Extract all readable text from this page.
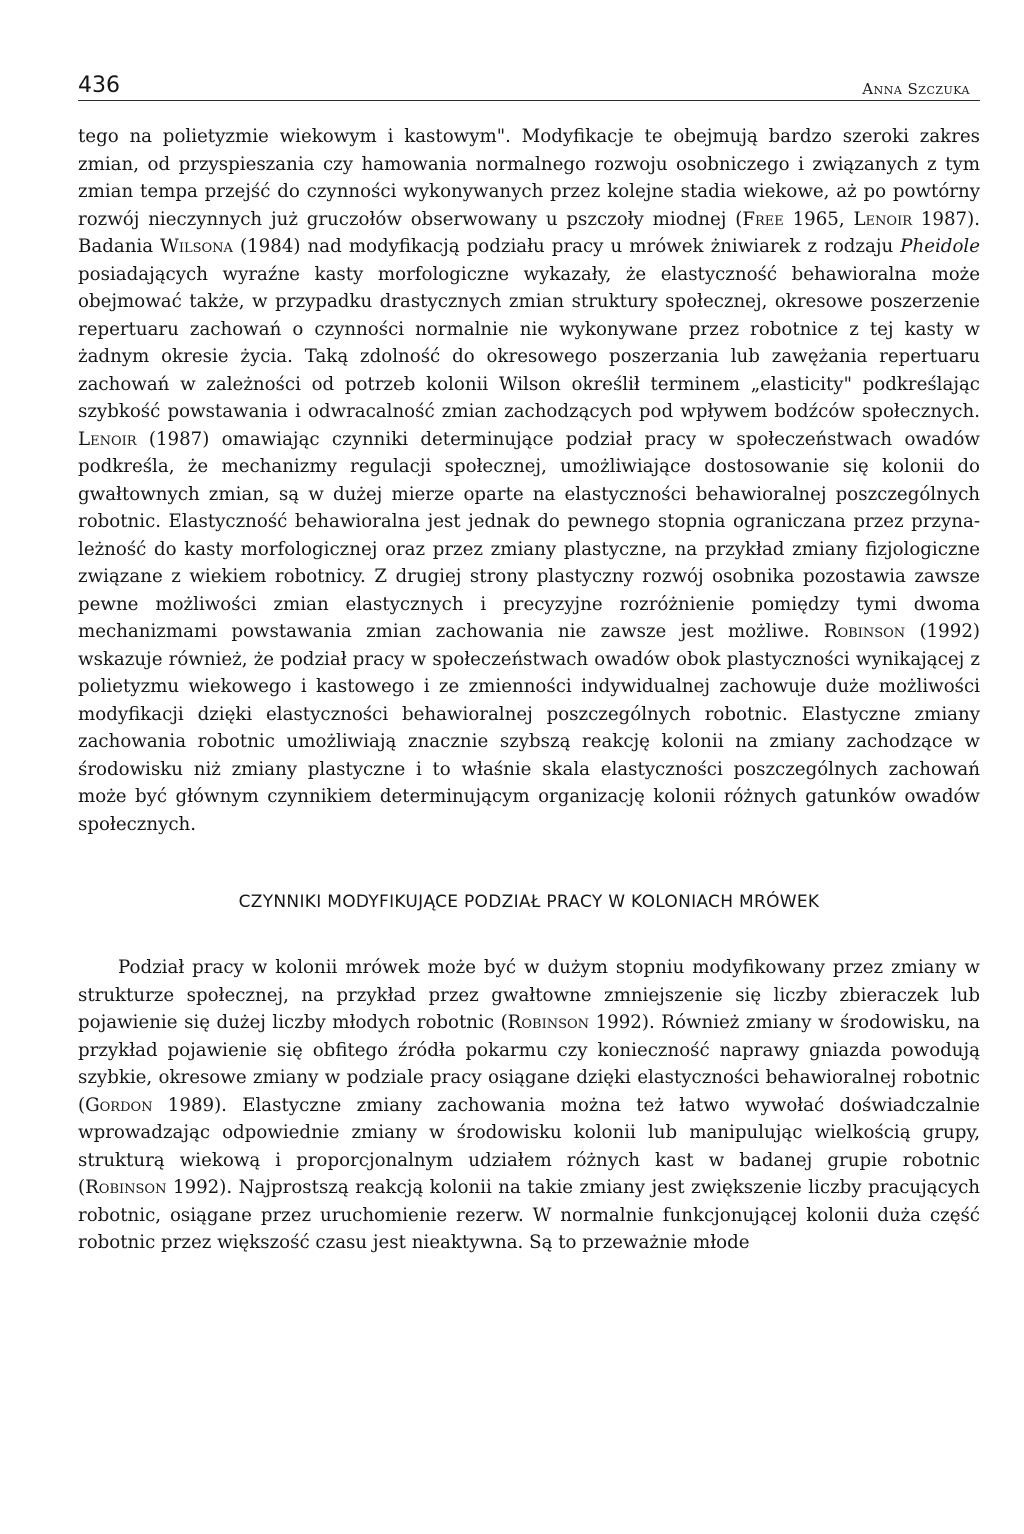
436	Anna Szczuka

tego na polietyzmie wiekowym i kastowym". Modyfikacje te obejmują bardzo szeroki zakres zmian, od przyspieszania czy hamowania normalnego rozwoju osobniczego i związanych z tym zmian tempa przejść do czynności wykonywanych przez kolejne stadia wiekowe, aż po powtórny rozwój nieczynnych już gruczołów obserwowany u pszczoły miodnej (Free 1965, Lenoir 1987). Badania Wilsona (1984) nad modyfikacją podziału pracy u mrówek żniwiarek z rodzaju Pheidole posiadających wyraźne kasty morfologiczne wykazały, że elastyczność behawioralna może obejmować także, w przypadku drastycznych zmian struktury społecznej, okresowe poszerzenie repertuaru zachowań o czynności normalnie nie wykonywane przez robotnice z tej kasty w żadnym okresie życia. Taką zdolność do okresowego poszerzania lub zawężania repertuaru zachowań w zależności od potrzeb kolonii Wilson określił terminem „elasticity" podkreślając szybkość powstawania i odwracalność zmian zachodzących pod wpływem bodźców społecznych. Lenoir (1987) omawiając czynniki determinujące podział pracy w społeczeństwach owadów podkreśla, że mechanizmy regulacji społecznej, umożliwiające dostosowanie się kolonii do gwałtownych zmian, są w dużej mierze oparte na elastyczności behawioralnej poszczególnych robotnic. Elastyczność behawioralna jest jednak do pewnego stopnia ograniczana przez przynależność do kasty morfologicznej oraz przez zmiany plastyczne, na przykład zmiany fizjologiczne związane z wiekiem robotnicy. Z drugiej strony plastyczny rozwój osobnika pozostawia zawsze pewne możliwości zmian elastycznych i precyzyjne rozróżnienie pomiędzy tymi dwoma mechanizmami powstawania zmian zachowania nie zawsze jest możliwe. Robinson (1992) wskazuje również, że podział pracy w społeczeństwach owadów obok plastyczności wynikającej z polietyzmu wiekowego i kastowego i ze zmienności indywidualnej zachowuje duże możliwości modyfikacji dzięki elastyczności behawioralnej poszczególnych robotnic. Elastyczne zmiany zachowania robotnic umożliwiają znacznie szybszą reakcję kolonii na zmiany zachodzące w środowisku niż zmiany plastyczne i to właśnie skala elastyczności poszczególnych zachowań może być głównym czynnikiem determinującym organizację kolonii różnych gatunków owadów społecznych.

CZYNNIKI MODYFIKUJĄCE PODZIAŁ PRACY W KOLONIACH MRÓWEK

Podział pracy w kolonii mrówek może być w dużym stopniu modyfikowany przez zmiany w strukturze społecznej, na przykład przez gwałtowne zmniejszenie się liczby zbieraczek lub pojawienie się dużej liczby młodych robotnic (Robinson 1992). Również zmiany w środowisku, na przykład pojawienie się obfitego źródła pokarmu czy konieczność naprawy gniazda powodują szybkie, okresowe zmiany w podziale pracy osiągane dzięki elastyczności behawioralnej robotnic (Gordon 1989). Elastyczne zmiany zachowania można też łatwo wywołać doświadczalnie wprowadzając odpowiednie zmiany w środowisku kolonii lub manipulując wielkością grupy, strukturą wiekową i proporcjonalnym udziałem różnych kast w badanej grupie robotnic (Robinson 1992). Najprostszą reakcją kolonii na takie zmiany jest zwiększenie liczby pracujących robotnic, osiągane przez uruchomienie rezerw. W normalnie funkcjonującej kolonii duża część robotnic przez większość czasu jest nieaktywna. Są to przeważnie młode
